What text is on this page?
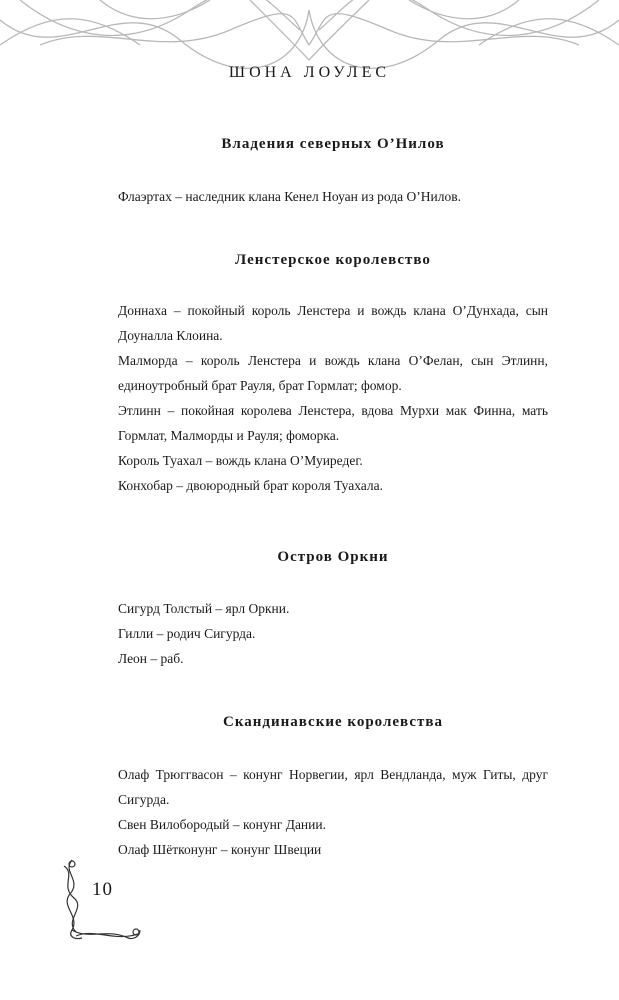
ШОНА ЛОУЛЕС
Владения северных О’Нилов
Флаэртах – наследник клана Кенел Ноуан из рода О’Нилов.
Ленстерское королевство
Доннаха – покойный король Ленстера и вождь клана О’Дунхада, сын Доуналла Клоина.
Малморда – король Ленстера и вождь клана О’Фелан, сын Этлинн, единоутробный брат Рауля, брат Гормлат; фомор.
Этлинн – покойная королева Ленстера, вдова Мурхи мак Финна, мать Гормлат, Малморды и Рауля; фоморка.
Король Туахал – вождь клана О’Муиредег.
Конхобар – двоюродный брат короля Туахала.
Остров Оркни
Сигурд Толстый – ярл Оркни.
Гилли – родич Сигурда.
Леон – раб.
Скандинавские королевства
Олаф Трюггвасон – конунг Норвегии, ярл Вендланда, муж Гиты, друг Сигурда.
Свен Вилобородый – конунг Дании.
Олаф Шётконунг – конунг Швеции
10
